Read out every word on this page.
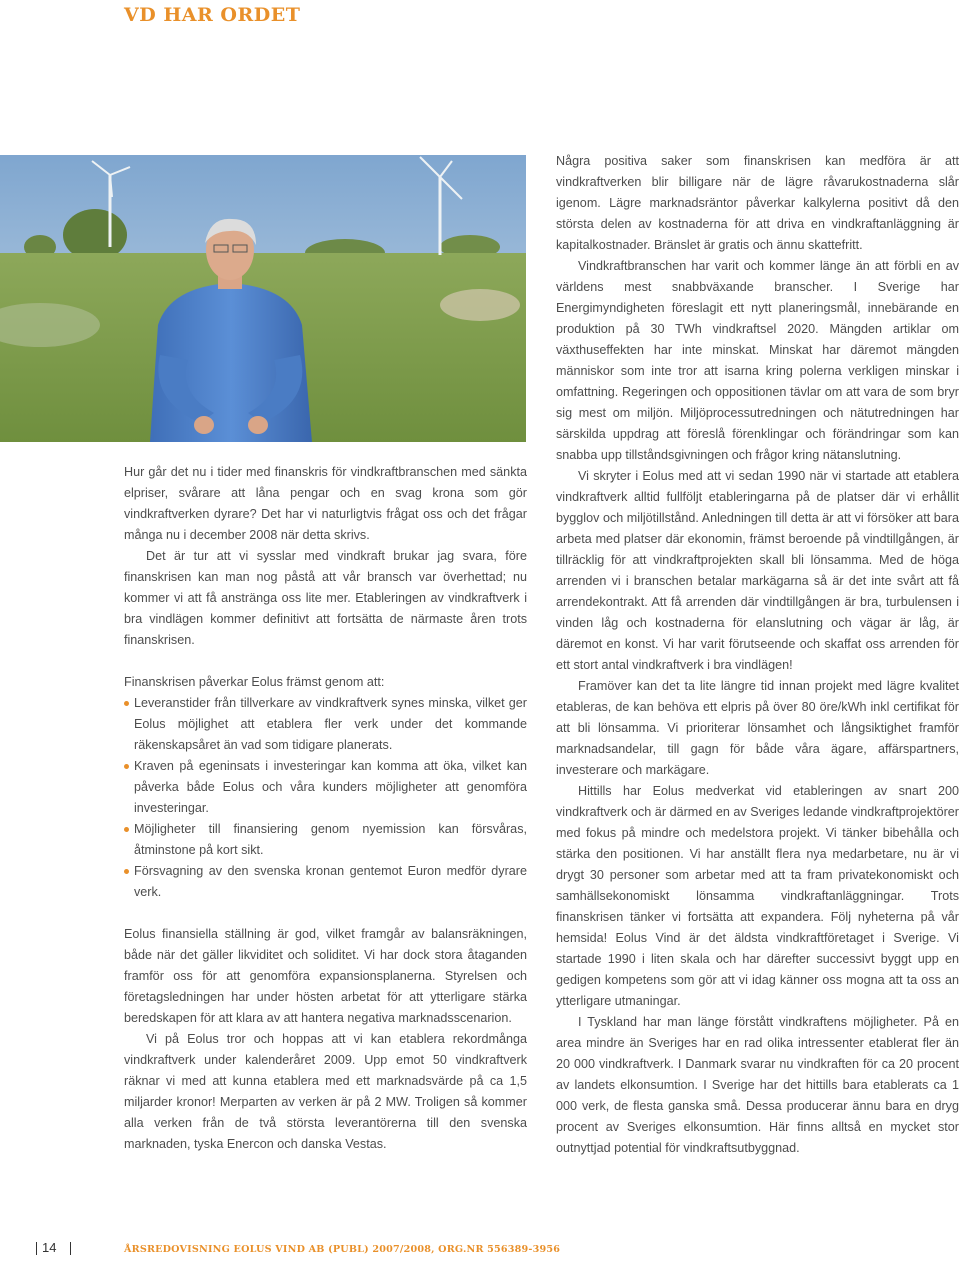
VD HAR ORDET

Hur går det nu i tider med finanskris för vindkraftbranschen med sänkta elpriser, svårare att låna pengar och en svag krona som gör vindkraftverken dyrare? Det har vi naturligtvis frågat oss och det frågar många nu i december 2008 när detta skrivs.

Det är tur att vi sysslar med vindkraft brukar jag svara, före finanskrisen kan man nog påstå att vår bransch var överhettad; nu kommer vi att få anstränga oss lite mer. Etableringen av vindkraftverk i bra vindlägen kommer definitivt att fortsätta de närmaste åren trots finanskrisen.

Finanskrisen påverkar Eolus främst genom att:

Leveranstider från tillverkare av vindkraftverk synes minska, vilket ger Eolus möjlighet att etablera fler verk under det kommande räkenskapsåret än vad som tidigare planerats.
Kraven på egeninsats i investeringar kan komma att öka, vilket kan påverka både Eolus och våra kunders möjligheter att genomföra investeringar.
Möjligheter till finansiering genom nyemission kan försvåras, åtminstone på kort sikt.
Försvagning av den svenska kronan gentemot Euron medför dyrare verk.

Eolus finansiella ställning är god, vilket framgår av balansräkningen, både när det gäller likviditet och soliditet. Vi har dock stora åtaganden framför oss för att genomföra expansionsplanerna. Styrelsen och företagsledningen har under hösten arbetat för att ytterligare stärka beredskapen för att klara av att hantera negativa marknadsscenarion.

Vi på Eolus tror och hoppas att vi kan etablera rekordmånga vindkraftverk under kalenderåret 2009. Upp emot 50 vindkraftverk räknar vi med att kunna etablera med ett marknadsvärde på ca 1,5 miljarder kronor! Merparten av verken är på 2 MW. Troligen så kommer alla verken från de två största leverantörerna till den svenska marknaden, tyska Enercon och danska Vestas.

Några positiva saker som finanskrisen kan medföra är att vindkraftverken blir billigare när de lägre råvarukostnaderna slår igenom. Lägre marknadsräntor påverkar kalkylerna positivt då den största delen av kostnaderna för att driva en vindkraftanläggning är kapitalkostnader. Bränslet är gratis och ännu skattefritt.

Vindkraftbranschen har varit och kommer länge än att förbli en av världens mest snabbväxande branscher. I Sverige har Energimyndigheten föreslagit ett nytt planeringsmål, innebärande en produktion på 30 TWh vindkraftsel 2020. Mängden artiklar om växthuseffekten har inte minskat. Minskat har däremot mängden människor som inte tror att isarna kring polerna verkligen minskar i omfattning. Regeringen och oppositionen tävlar om att vara de som bryr sig mest om miljön. Miljöprocessutredningen och nätutredningen har särskilda uppdrag att föreslå förenklingar och förändringar som kan snabba upp tillståndsgivningen och frågor kring nätanslutning.

Vi skryter i Eolus med att vi sedan 1990 när vi startade att etablera vindkraftverk alltid fullföljt etableringarna på de platser där vi erhållit bygglov och miljötillstånd. Anledningen till detta är att vi försöker att bara arbeta med platser där ekonomin, främst beroende på vindtillgången, är tillräcklig för att vindkraftprojekten skall bli lönsamma. Med de höga arrenden vi i branschen betalar markägarna så är det inte svårt att få arrendekontrakt. Att få arrenden där vindtillgången är bra, turbulensen i vinden låg och kostnaderna för elanslutning och vägar är låg, är däremot en konst. Vi har varit förutseende och skaffat oss arrenden för ett stort antal vindkraftverk i bra vindlägen!

Framöver kan det ta lite längre tid innan projekt med lägre kvalitet etableras, de kan behöva ett elpris på över 80 öre/kWh inkl certifikat för att bli lönsamma. Vi prioriterar lönsamhet och långsiktighet framför marknadsandelar, till gagn för både våra ägare, affärspartners, investerare och markägare.

Hittills har Eolus medverkat vid etableringen av snart 200 vindkraftverk och är därmed en av Sveriges ledande vindkraftprojektörer med fokus på mindre och medelstora projekt. Vi tänker bibehålla och stärka den positionen. Vi har anställt flera nya medarbetare, nu är vi drygt 30 personer som arbetar med att ta fram privatekonomiskt och samhällsekonomiskt lönsamma vindkraftanläggningar. Trots finanskrisen tänker vi fortsätta att expandera. Följ nyheterna på vår hemsida! Eolus Vind är det äldsta vindkraftföretaget i Sverige. Vi startade 1990 i liten skala och har därefter successivt byggt upp en gedigen kompetens som gör att vi idag känner oss mogna att ta oss an ytterligare utmaningar.

I Tyskland har man länge förstått vindkraftens möjligheter. På en area mindre än Sveriges har en rad olika intressenter etablerat fler än 20 000 vindkraftverk. I Danmark svarar nu vindkraften för ca 20 procent av landets elkonsumtion. I Sverige har det hittills bara etablerats ca 1 000 verk, de flesta ganska små. Dessa producerar ännu bara en dryg procent av Sveriges elkonsumtion. Här finns alltså en mycket stor outnyttjad potential för vindkraftsutbyggnad.

14	ÅRSREDOVISNING EOLUS VIND AB (PUBL) 2007/2008, ORG.NR 556389-3956
